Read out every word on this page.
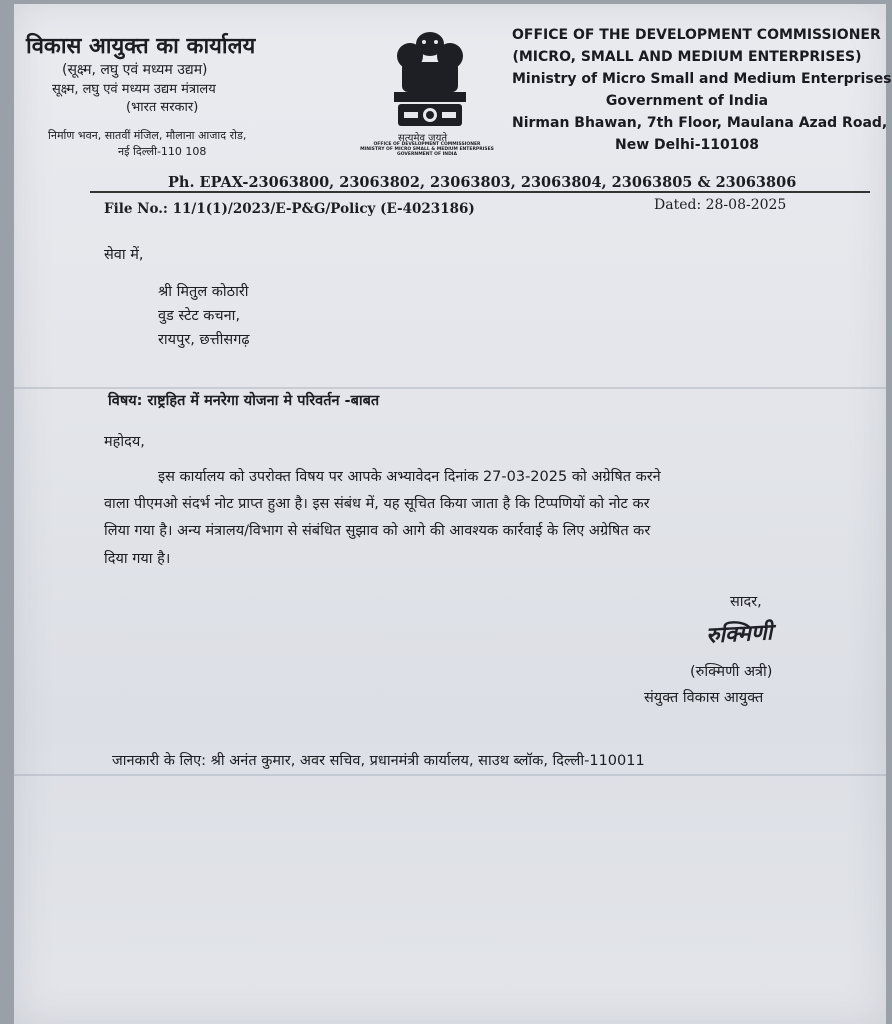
विकास आयुक्त का कार्यालय
(सूक्ष्म, लघु एवं मध्यम उद्यम)
सूक्ष्म, लघु एवं मध्यम उद्यम मंत्रालय
(भारत सरकार)
निर्माण भवन, सातवीं मंजिल, मौलाना आजाद रोड,
नई दिल्ली-110 108
सत्यमेव जयते
OFFICE OF DEVELOPMENT COMMISSIONER
MINISTRY OF MICRO SMALL & MEDIUM ENTERPRISES
GOVERNMENT OF INDIA
OFFICE OF THE DEVELOPMENT COMMISSIONER
(MICRO, SMALL AND MEDIUM ENTERPRISES)
Ministry of Micro Small and Medium Enterprises
Government of India
Nirman Bhawan, 7th Floor, Maulana Azad Road,
New Delhi-110108
Ph. EPAX-23063800, 23063802, 23063803, 23063804, 23063805 & 23063806
File No.: 11/1(1)/2023/E-P&G/Policy (E-4023186)	Dated: 28-08-2025
सेवा में,
श्री मितुल कोठारी
वुड स्टेट कचना,
रायपुर, छत्तीसगढ़
विषय: राष्ट्रहित में मनरेगा योजना मे परिवर्तन -बाबत
महोदय,
इस कार्यालय को उपरोक्त विषय पर आपके अभ्यावेदन दिनांक 27-03-2025 को अग्रेषित करने
वाला पीएमओ संदर्भ नोट प्राप्त हुआ है। इस संबंध में, यह सूचित किया जाता है कि टिप्पणियों को नोट कर
लिया गया है। अन्य मंत्रालय/विभाग से संबंधित सुझाव को आगे की आवश्यक कार्रवाई के लिए अग्रेषित कर
दिया गया है।
सादर,
रुक्मिणी
(रुक्मिणी अत्री)
संयुक्त विकास आयुक्त
जानकारी के लिए: श्री अनंत कुमार, अवर सचिव, प्रधानमंत्री कार्यालय, साउथ ब्लॉक, दिल्ली-110011
